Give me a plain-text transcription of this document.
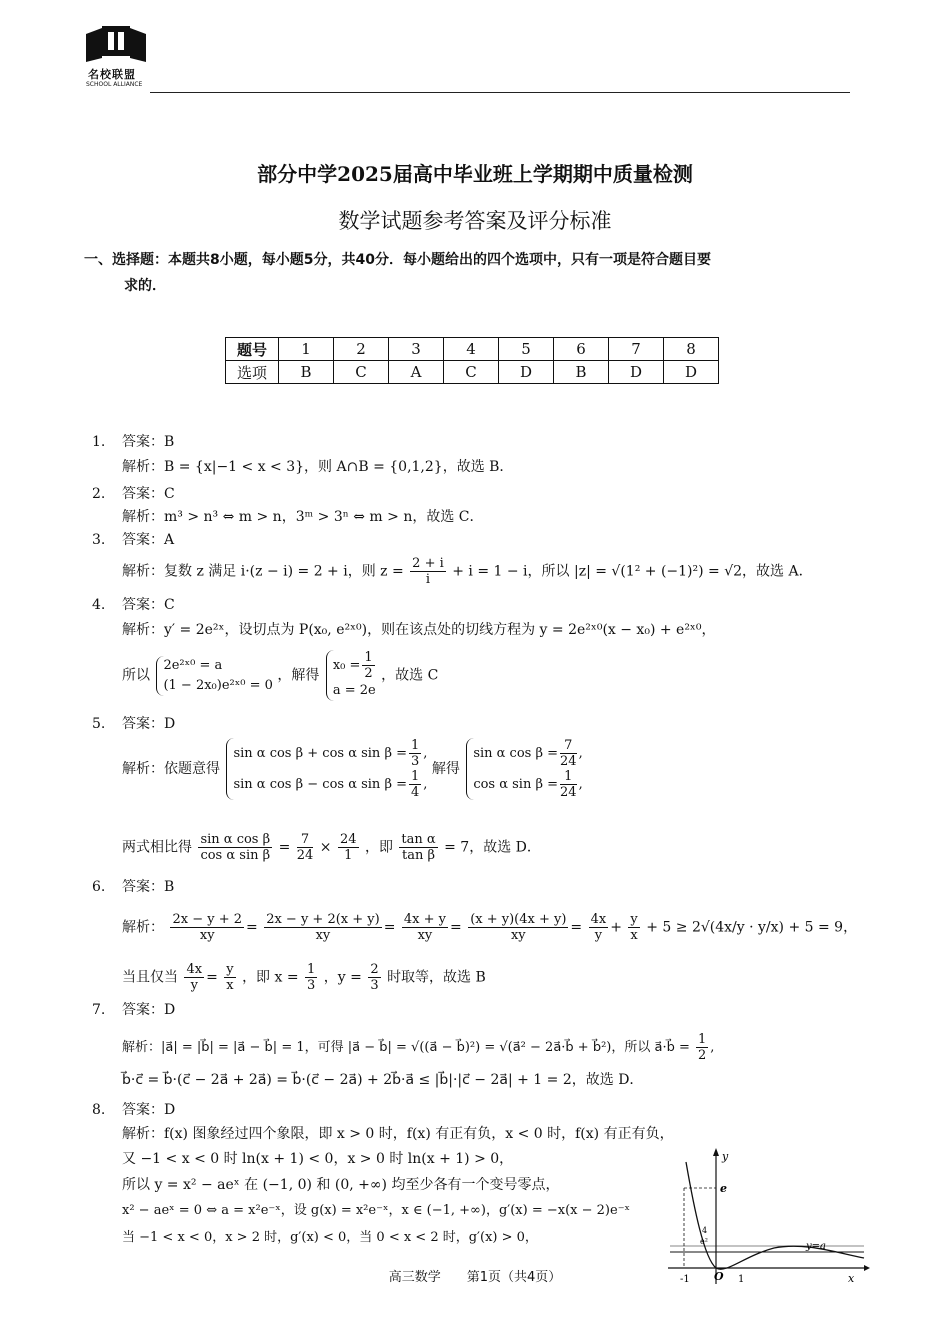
名校联盟
SCHOOL ALLIANCE
部分中学2025届高中毕业班上学期期中质量检测
数学试题参考答案及评分标准
一、选择题：本题共8小题，每小题5分，共40分．每小题给出的四个选项中，只有一项是符合题目要
求的．
题号	1	2	3	4	5	6	7	8
选项	B	C	A	C	D	B	D	D
1. 答案：B
解析：B = {x|−1 < x < 3}，则 A∩B = {0,1,2}，故选 B．
2. 答案：C
解析：m³ > n³ ⇔ m > n，3ᵐ > 3ⁿ ⇔ m > n，故选 C．
3. 答案：A
解析：复数 z 满足 i·(z − i) = 2 + i，则 $z = \frac{2 + i}{i} + i = 1 - i$，所以 |z| = √(1² + (−1)²) = √2，故选 A．
4. 答案：C
解析：y′ = 2e²ˣ，设切点为 P(x₀, e²ˣ⁰)，则在该点处的切线方程为 y = 2e²ˣ⁰(x − x₀) + e²ˣ⁰，
所以
2e²ˣ⁰ = a
(1 − 2x₀)e²ˣ⁰ = 0
，解得
$x_0 = \frac{1}{2}$
a = 2e
，故选 C
5. 答案：D
解析：依题意得
sin α cos β + cos α $\sin \beta = \frac{1}{3}$ ,
sin α cos β − cos α $\sin \beta = \frac{1}{4}$ ,
解得
sin α $\cos \beta = \frac{7}{24}$ ,
cos α $\sin \beta = \frac{1}{24}$ ,
两式相比得 $\frac{\text{sin α cos β}}{\text{cos α sin β}} = \frac{7}{24} \times \frac{24}{1}$ ，即 $\frac{\text{tan α}}{\text{tan β}} = 7$，故选 D．
6. 答案：B
解析： $\frac{2x - y + 2}{xy} = \frac{2x - y + 2(x + y)}{xy} = \frac{4x + y}{xy} = \frac{(x + y)(4x + y)}{xy} = \frac{4x}{y} + \frac{y}{x} + 5 \ge 2√(4x/y \cdot y/x) + 5 = 9$，
当且仅当 $\frac{4x}{y} = \frac{y}{x}$ ，即 $x = \frac{1}{3}$ ，$y = \frac{2}{3}$ 时取等，故选 B
7. 答案：D
解析：|a⃗| = |b⃗| = |a⃗ − b⃗| = 1，可得 |a⃗ − b⃗| = √((a⃗ − b⃗)²) = √(a⃗² − 2a⃗·b⃗ + b⃗²)，所以 a⃗·b⃗ = $\frac{1}{2}$ ,
b⃗·c⃗ = b⃗·(c⃗ − 2a⃗ + 2a⃗) = b⃗·(c⃗ − 2a⃗) + 2b⃗·a⃗ ≤ |b⃗|·|c⃗ − 2a⃗| + 1 = 2，故选 D．
8. 答案：D
解析：f(x) 图象经过四个象限，即 x > 0 时，f(x) 有正有负，x < 0 时，f(x) 有正有负，
又 −1 < x < 0 时 ln(x + 1) < 0，x > 0 时 ln(x + 1) > 0，
所以 y = x² − aeˣ 在 (−1, 0) 和 (0, +∞) 均至少各有一个变号零点，
x² − aeˣ = 0 ⇔ a = x²e⁻ˣ，设 g(x) = x²e⁻ˣ，x ∈ (−1, +∞)，g′(x) = −x(x − 2)e⁻ˣ
当 −1 < x < 0，x > 2 时，g′(x) < 0，当 0 < x < 2 时，g′(x) > 0，
y
x
e
4
e²	y=a
O
-1	1
高三数学　　第1页（共4页）
